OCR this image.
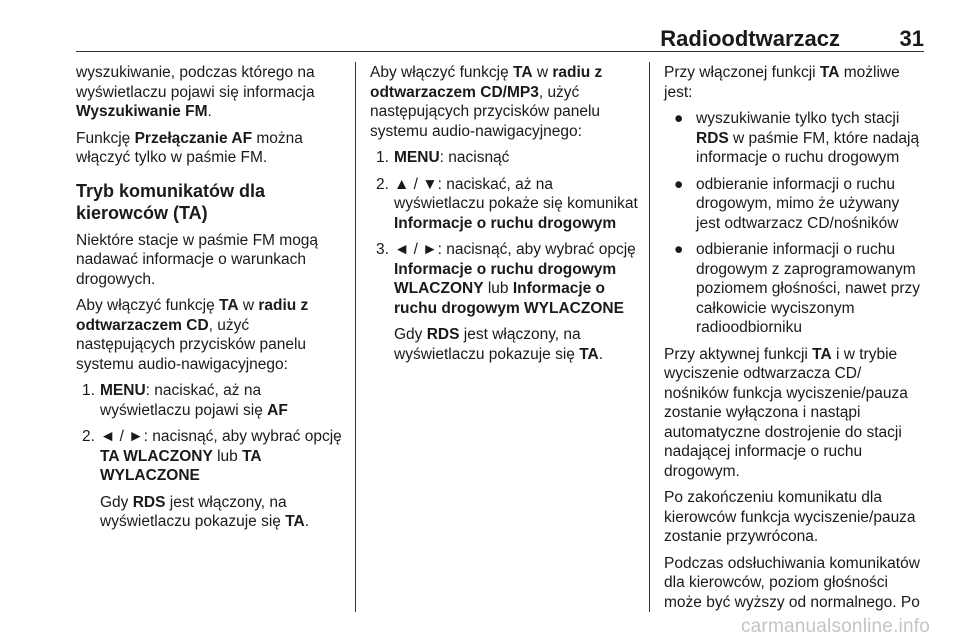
Radioodtwarzacz	31

wyszukiwanie, podczas którego na wyświetlaczu pojawi się informacja Wyszukiwanie FM.

Funkcję Przełączanie AF można włączyć tylko w paśmie FM.

Tryb komunikatów dla kierowców (TA)

Niektóre stacje w paśmie FM mogą nadawać informacje o warunkach drogowych.

Aby włączyć funkcję TA w radiu z odtwarzaczem CD, użyć następujących przycisków panelu systemu audio-nawigacyjnego:

1. MENU: naciskać, aż na wyświetlaczu pojawi się AF
2. ◄ / ►: nacisnąć, aby wybrać opcję TA WLACZONY lub TA WYLACZONE
Gdy RDS jest włączony, na wyświetlaczu pokazuje się TA.

Aby włączyć funkcję TA w radiu z odtwarzaczem CD/MP3, użyć następujących przycisków panelu systemu audio-nawigacyjnego:

1. MENU: nacisnąć
2. ▲ / ▼: naciskać, aż na wyświetlaczu pokaże się komunikat Informacje o ruchu drogowym
3. ◄ / ►: nacisnąć, aby wybrać opcję Informacje o ruchu drogowym WLACZONY lub Informacje o ruchu drogowym WYLACZONE
Gdy RDS jest włączony, na wyświetlaczu pokazuje się TA.

Przy włączonej funkcji TA możliwe jest:

● wyszukiwanie tylko tych stacji RDS w paśmie FM, które nadają informacje o ruchu drogowym
● odbieranie informacji o ruchu drogowym, mimo że używany jest odtwarzacz CD/nośników
● odbieranie informacji o ruchu drogowym z zaprogramowanym poziomem głośności, nawet przy całkowicie wyciszonym radioodbiorniku

Przy aktywnej funkcji TA i w trybie wyciszenie odtwarzacza CD/ nośników funkcja wyciszenie/pauza zostanie wyłączona i nastąpi automatyczne dostrojenie do stacji nadającej informacje o ruchu drogowym.

Po zakończeniu komunikatu dla kierowców funkcja wyciszenie/pauza zostanie przywrócona.

Podczas odsłuchiwania komunikatów dla kierowców, poziom głośności może być wyższy od normalnego. Po

carmanualsonline.info
